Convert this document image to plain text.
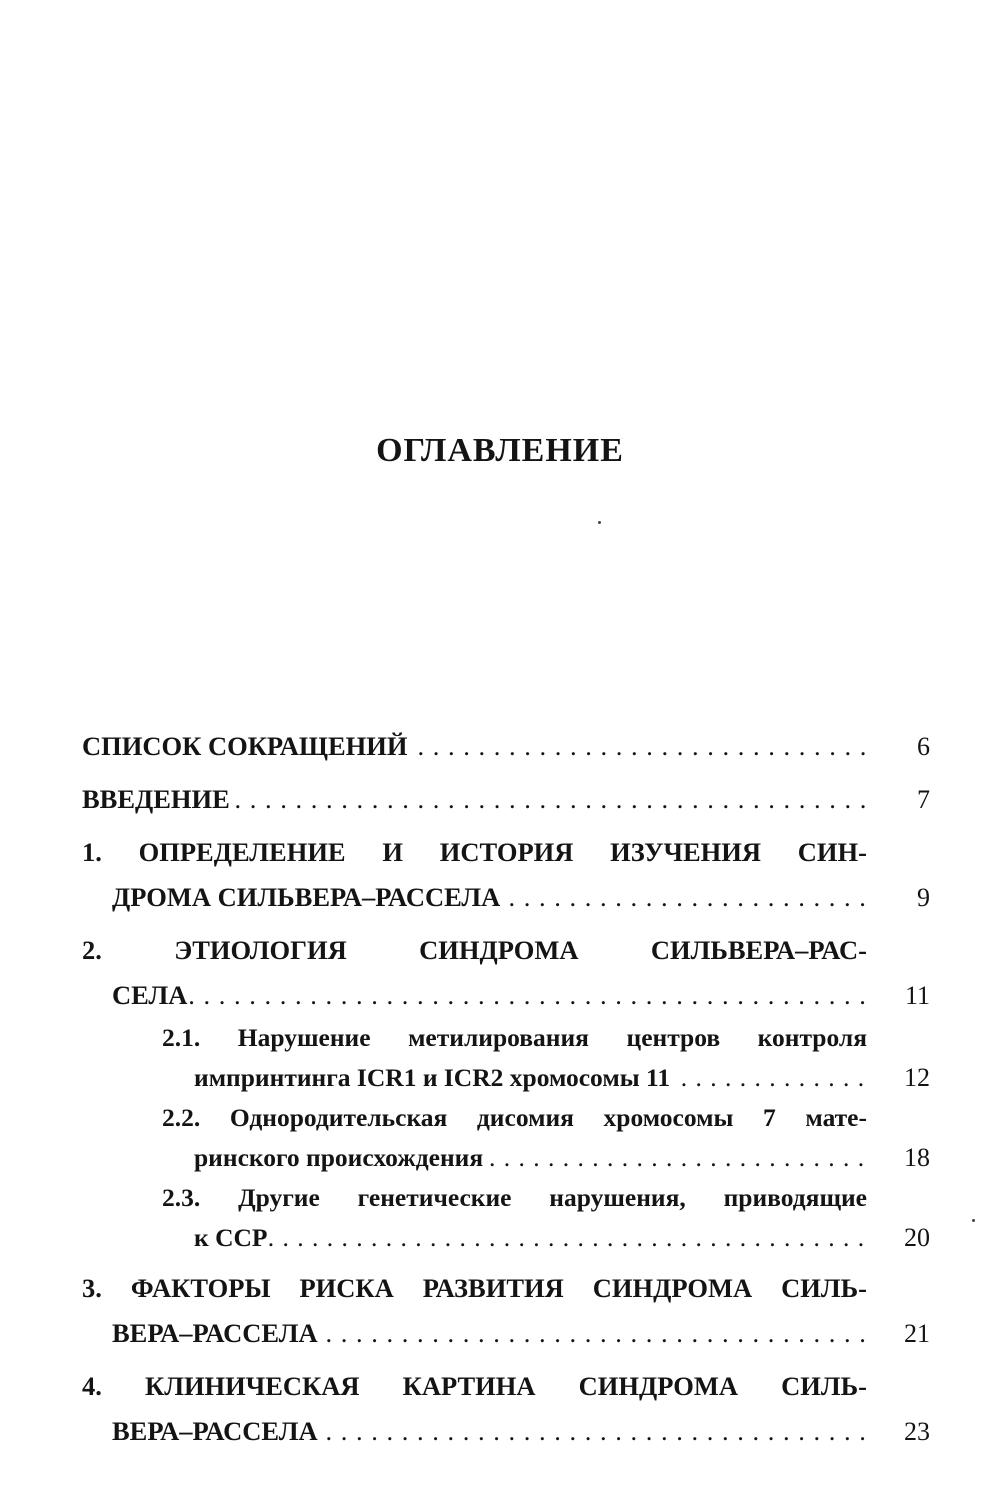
ОГЛАВЛЕНИЕ
СПИСОК СОКРАЩЕНИЙ . . .	6
ВВЕДЕНИЕ . . .	7
1. ОПРЕДЕЛЕНИЕ И ИСТОРИЯ ИЗУЧЕНИЯ СИН-
ДРОМА СИЛЬВЕРА–РАССЕЛА . . .	9
2. ЭТИОЛОГИЯ СИНДРОМА СИЛЬВЕРА–РАС-
СЕЛА . . .	11
2.1. Нарушение метилирования центров контроля
импринтинга ICR1 и ICR2 хромосомы 11 . . .	12
2.2. Однородительская дисомия хромосомы 7 мате-
ринского происхождения . . .	18
2.3. Другие генетические нарушения, приводящие
к ССР . . .	20
3. ФАКТОРЫ РИСКА РАЗВИТИЯ СИНДРОМА СИЛЬ-
ВЕРА–РАССЕЛА . . .	21
4. КЛИНИЧЕСКАЯ КАРТИНА СИНДРОМА СИЛЬ-
ВЕРА–РАССЕЛА . . .	23
